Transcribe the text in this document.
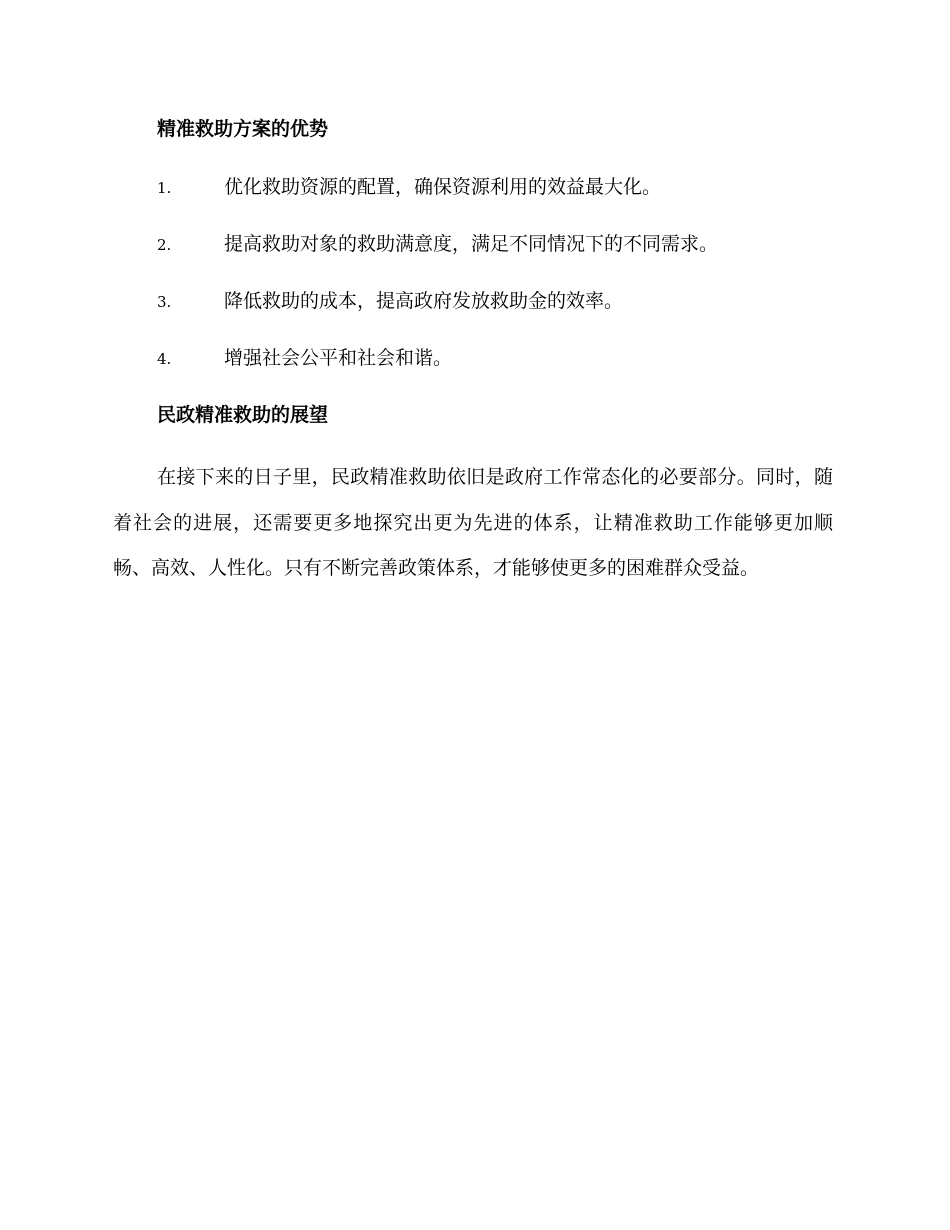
精准救助方案的优势
1.	优化救助资源的配置，确保资源利用的效益最大化。
2.	提高救助对象的救助满意度，满足不同情况下的不同需求。
3.	降低救助的成本，提高政府发放救助金的效率。
4.	增强社会公平和社会和谐。
民政精准救助的展望

在接下来的日子里，民政精准救助依旧是政府工作常态化的必要部分。同时，随着社会的进展，还需要更多地探究出更为先进的体系，让精准救助工作能够更加顺畅、高效、人性化。只有不断完善政策体系，才能够使更多的困难群众受益。
